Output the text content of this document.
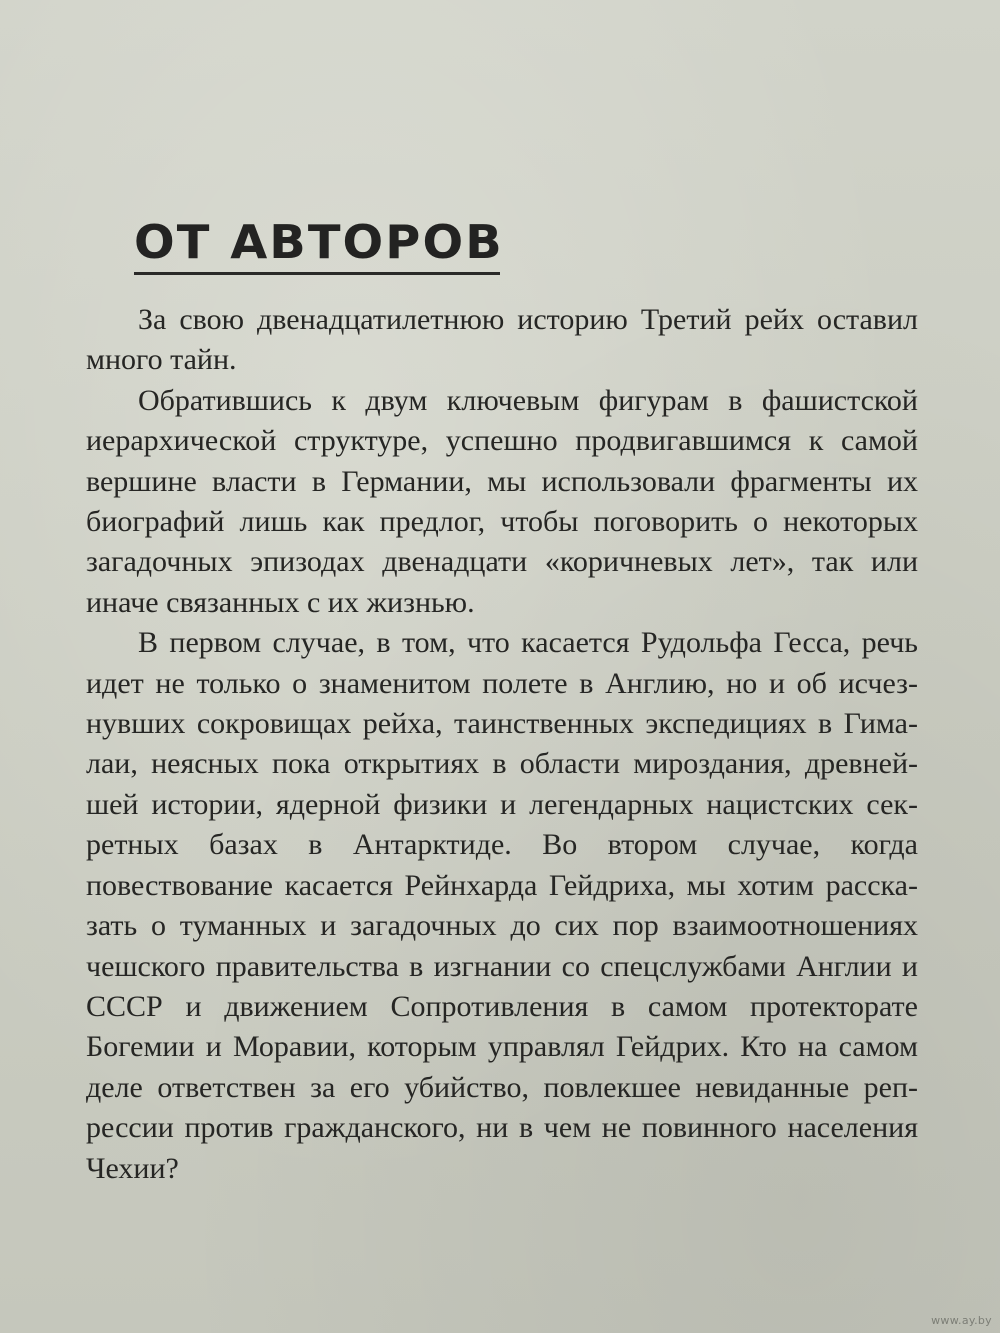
ОТ АВТОРОВ

За свою двенадцатилетнюю историю Третий рейх оставил много тайн.

Обратившись к двум ключевым фигурам в фашистской иерархической структуре, успешно продвигавшимся к самой вершине власти в Германии, мы использовали фрагменты их биографий лишь как предлог, чтобы поговорить о некоторых загадочных эпизодах двенадцати «коричневых лет», так или иначе связанных с их жизнью.

В первом случае, в том, что касается Рудольфа Гесса, речь идет не только о знаменитом полете в Англию, но и об исчезнувших сокровищах рейха, таинственных экспедициях в Гималаи, неясных пока открытиях в области мироздания, древнейшей истории, ядерной физики и легендарных нацистских секретных базах в Антарктиде. Во втором случае, когда повествование касается Рейнхарда Гейдриха, мы хотим рассказать о туманных и загадочных до сих пор взаимоотношениях чешского правительства в изгнании со спецслужбами Англии и СССР и движением Сопротивления в самом протекторате Богемии и Моравии, которым управлял Гейдрих. Кто на самом деле ответствен за его убийство, повлекшее невиданные репрессии против гражданского, ни в чем не повинного населения Чехии?

www.ay.by
